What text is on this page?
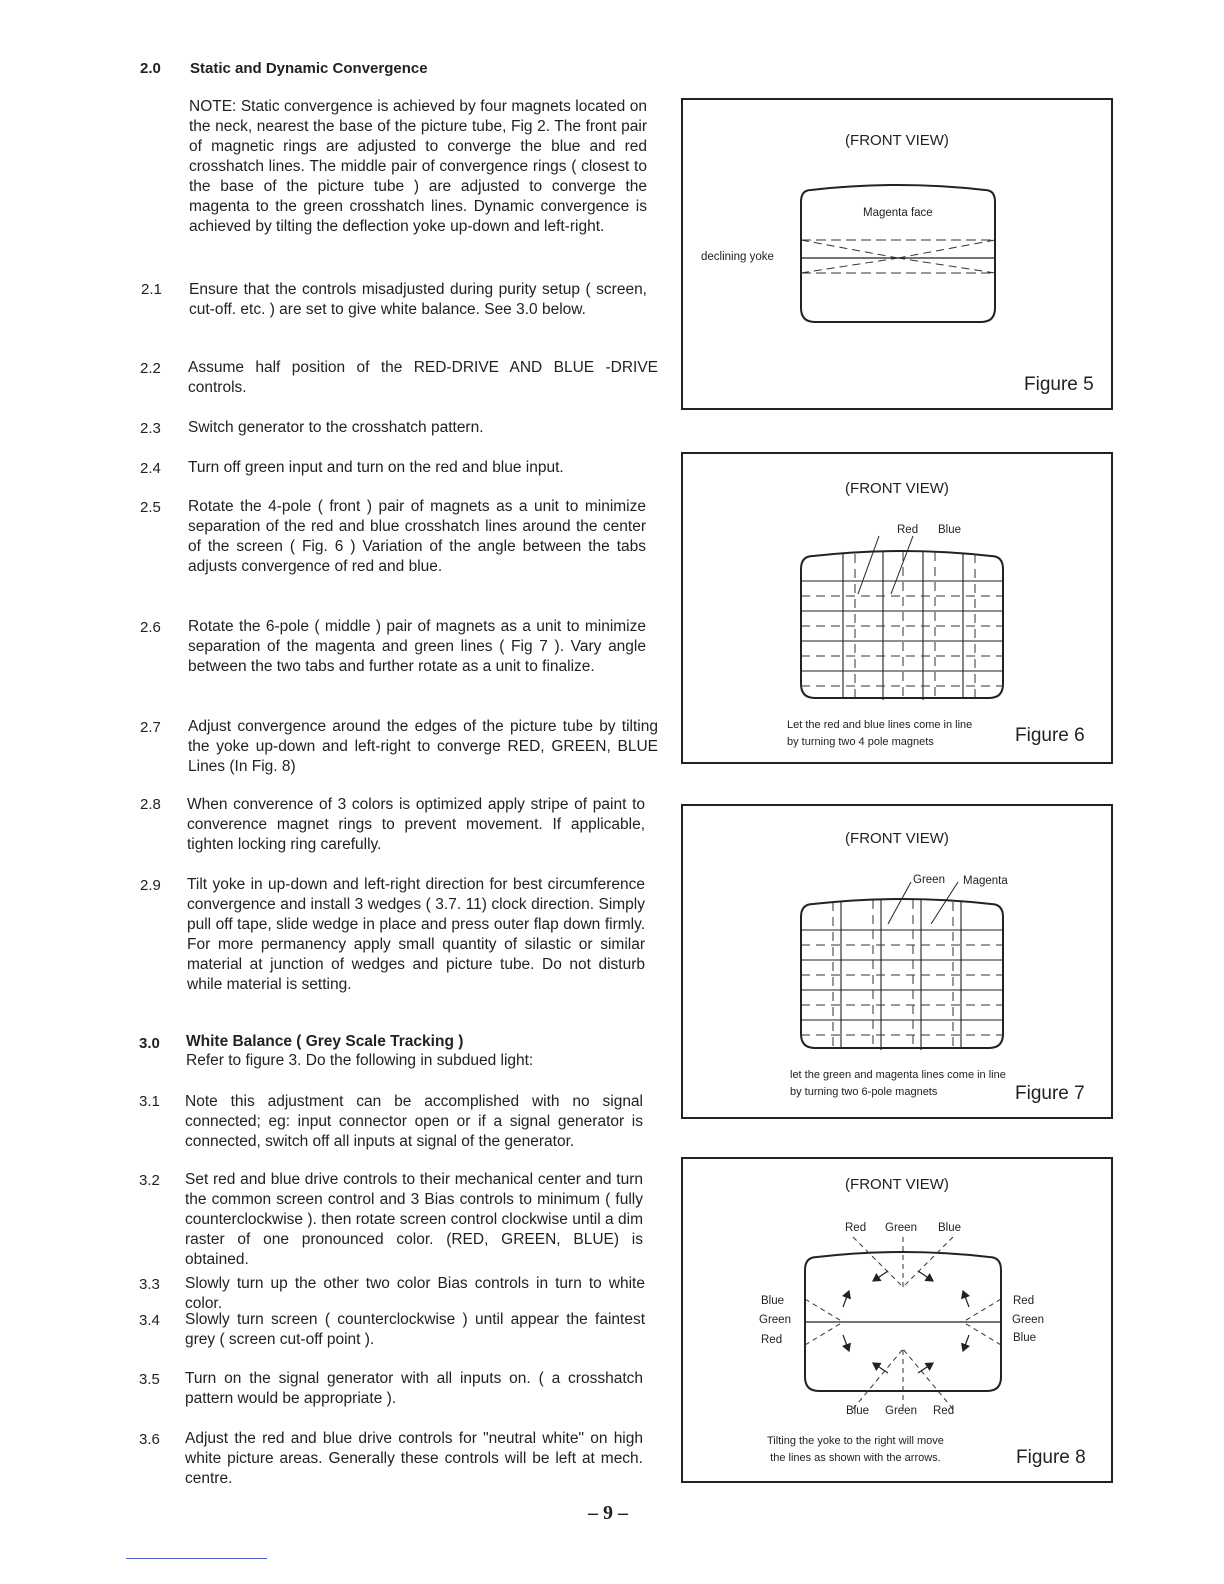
2.0	Static and Dynamic Convergence
NOTE: Static convergence is achieved by four magnets located on the neck, nearest the base of the picture tube, Fig 2. The front pair of magnetic rings are adjusted to converge the blue and red crosshatch lines. The middle pair of convergence rings ( closest to the base of the picture tube ) are adjusted to converge the magenta to the green crosshatch lines. Dynamic convergence is achieved by tilting the deflection yoke up-down and left-right.
2.1	Ensure that the controls misadjusted during purity setup ( screen, cut-off. etc. ) are set to give white balance. See 3.0 below.
2.2	Assume half position of the RED-DRIVE AND BLUE -DRIVE controls.
2.3	Switch generator to the crosshatch pattern.
2.4	Turn off green input and turn on the red and blue input.
2.5	Rotate the 4-pole ( front ) pair of magnets as a unit to minimize separation of the red and blue crosshatch lines around the center of the screen ( Fig. 6 ) Variation of the angle between the tabs adjusts convergence of red and blue.
2.6	Rotate the 6-pole ( middle ) pair of magnets as a unit to minimize separation of the magenta and green lines ( Fig 7 ). Vary angle between the two tabs and further rotate as a unit to finalize.
2.7	Adjust convergence around the edges of the picture tube by tilting the yoke up-down and left-right to converge RED, GREEN, BLUE Lines (In Fig. 8)
2.8	When converence of 3 colors is optimized apply stripe of paint to converence magnet rings to prevent movement. If applicable, tighten locking ring carefully.
2.9	Tilt yoke in up-down and left-right direction for best circumference convergence and install 3 wedges ( 3.7. 11) clock direction. Simply pull off tape, slide wedge in place and press outer flap down firmly. For more permanency apply small quantity of silastic or similar material at junction of wedges and picture tube. Do not disturb while material is setting.
3.0	White Balance ( Grey Scale Tracking )
Refer to figure 3. Do the following in subdued light:
3.1	Note this adjustment can be accomplished with no signal connected; eg: input connector open or if a signal generator is connected, switch off all inputs at signal of the generator.
3.2	Set red and blue drive controls to their mechanical center and turn the common screen control and 3 Bias controls to minimum ( fully counterclockwise ). then rotate screen control clockwise until a dim raster of one pronounced color. (RED, GREEN, BLUE) is obtained.
3.3	Slowly turn up the other two color Bias controls in turn to white color.
3.4	Slowly turn screen ( counterclockwise ) until appear the faintest grey ( screen cut-off point ).
3.5	Turn on the signal generator with all inputs on. ( a crosshatch pattern would be appropriate ).
3.6	Adjust the red and blue drive controls for "neutral white" on high white picture areas. Generally these controls will be left at mech. centre.
(FRONT VIEW)
Magenta face
declining yoke
Figure 5
(FRONT VIEW)
Red Blue
Let the red and blue lines come in line
by turning two 4 pole magnets	Figure 6
(FRONT VIEW)
Green Magenta
let the green and magenta lines come in line
by turning two 6-pole magnets	Figure 7
(FRONT VIEW)
Red Green Blue
Blue
Green
Red
Red
Green
Blue
Blue Green Red
Tilting the yoke to the right will move
the lines as shown with the arrows.	Figure 8
– 9 –
